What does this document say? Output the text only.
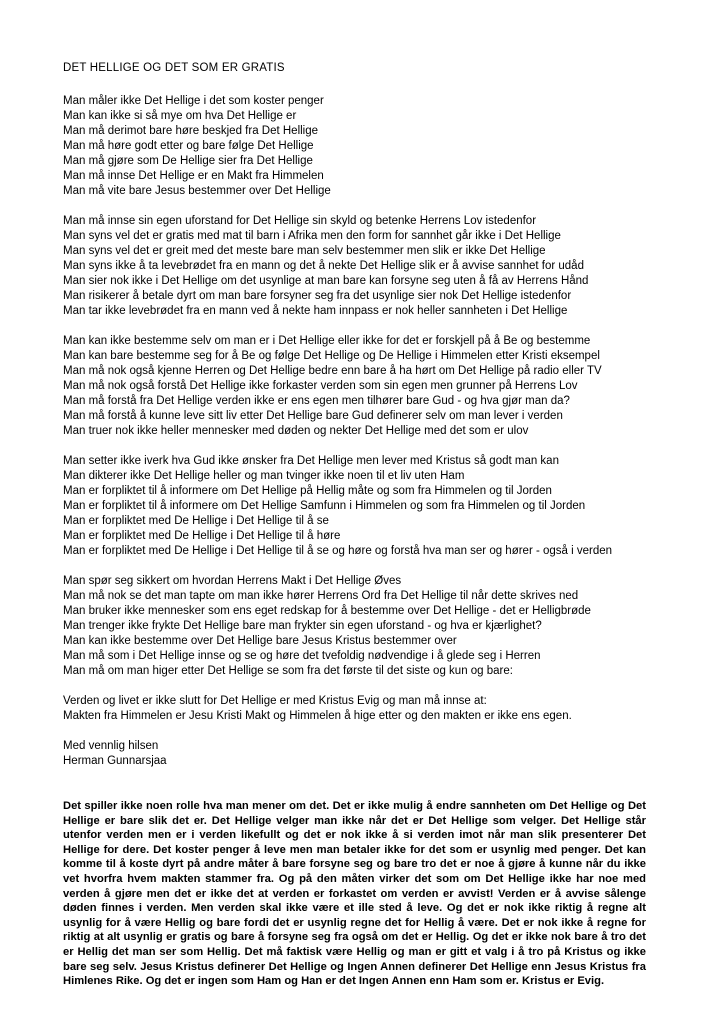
DET HELLIGE OG DET SOM ER GRATIS
Man måler ikke Det Hellige i det som koster penger
Man kan ikke si så mye om hva Det Hellige er
Man må derimot bare høre beskjed fra Det Hellige
Man må høre godt etter og bare følge Det Hellige
Man må gjøre som De Hellige sier fra Det Hellige
Man må innse Det Hellige er en Makt fra Himmelen
Man må vite bare Jesus bestemmer over Det Hellige
Man må innse sin egen uforstand for Det Hellige sin skyld og betenke Herrens Lov istedenfor
Man syns vel det er gratis med mat til barn i Afrika men den form for sannhet går ikke i Det Hellige
Man syns vel det er greit med det meste bare man selv bestemmer men slik er ikke Det Hellige
Man syns ikke å ta levebrødet fra en mann og det å nekte Det Hellige slik er å avvise sannhet for udåd
Man sier nok ikke i Det Hellige om det usynlige at man bare kan forsyne seg uten å få av Herrens Hånd
Man risikerer å betale dyrt om man bare forsyner seg fra det usynlige sier nok Det Hellige istedenfor
Man tar ikke levebrødet fra en mann ved å nekte ham innpass er nok heller sannheten i Det Hellige
Man kan ikke bestemme selv om man er i Det Hellige eller ikke for det er forskjell på å Be og bestemme
Man kan bare bestemme seg for å Be og følge Det Hellige og De Hellige i Himmelen etter Kristi eksempel
Man må nok også kjenne Herren og Det Hellige bedre enn bare å ha hørt om Det Hellige på radio eller TV
Man må nok også forstå Det Hellige ikke forkaster verden som sin egen men grunner på Herrens Lov
Man må forstå fra Det Hellige verden ikke er ens egen men tilhører bare Gud - og hva gjør man da?
Man må forstå å kunne leve sitt liv etter Det Hellige bare Gud definerer selv om man lever i verden
Man truer nok ikke heller mennesker med døden og nekter Det Hellige med det som er ulov
Man setter ikke iverk hva Gud ikke ønsker fra Det Hellige men lever med Kristus så godt man kan
Man dikterer ikke Det Hellige heller og man tvinger ikke noen til et liv uten Ham
Man er forpliktet til å informere om Det Hellige på Hellig måte og som fra Himmelen og til Jorden
Man er forpliktet til å informere om Det Hellige Samfunn i Himmelen og som fra Himmelen og til Jorden
Man er forpliktet med De Hellige i Det Hellige til å se
Man er forpliktet med De Hellige i Det Hellige til å høre
Man er forpliktet med De Hellige i Det Hellige til å se og høre og forstå hva man ser og hører - også i verden
Man spør seg sikkert om hvordan Herrens Makt i Det Hellige Øves
Man må nok se det man tapte om man ikke hører Herrens Ord fra Det Hellige til når dette skrives ned
Man bruker ikke mennesker som ens eget redskap for å bestemme over Det Hellige - det er Helligbrøde
Man trenger ikke frykte Det Hellige bare man frykter sin egen uforstand - og hva er kjærlighet?
Man kan ikke bestemme over Det Hellige bare Jesus Kristus bestemmer over
Man må som i Det Hellige innse og se og høre det tvefoldig nødvendige i å glede seg i Herren
Man må om man higer etter Det Hellige se som fra det første til det siste og kun og bare:
Verden og livet er ikke slutt for Det Hellige er med Kristus Evig og man må innse at:
Makten fra Himmelen er Jesu Kristi Makt og Himmelen å hige etter og den makten er ikke ens egen.
Med vennlig hilsen
Herman Gunnarsjaa
Det spiller ikke noen rolle hva man mener om det. Det er ikke mulig å endre sannheten om Det Hellige og Det Hellige er bare slik det er. Det Hellige velger man ikke når det er Det Hellige som velger. Det Hellige står utenfor verden men er i verden likefullt og det er nok ikke å si verden imot når man slik presenterer Det Hellige for dere. Det koster penger å leve men man betaler ikke for det som er usynlig med penger. Det kan komme til å koste dyrt på andre måter å bare forsyne seg og bare tro det er noe å gjøre å kunne når du ikke vet hvorfra hvem makten stammer fra. Og på den måten virker det som om Det Hellige ikke har noe med verden å gjøre men det er ikke det at verden er forkastet om verden er avvist! Verden er å avvise sålenge døden finnes i verden. Men verden skal ikke være et ille sted å leve. Og det er nok ikke riktig å regne alt usynlig for å være Hellig og bare fordi det er usynlig regne det for Hellig å være. Det er nok ikke å regne for riktig at alt usynlig er gratis og bare å forsyne seg fra også om det er Hellig. Og det er ikke nok bare å tro det er Hellig det man ser som Hellig. Det må faktisk være Hellig og man er gitt et valg i å tro på Kristus og ikke bare seg selv. Jesus Kristus definerer Det Hellige og Ingen Annen definerer Det Hellige enn Jesus Kristus fra Himlenes Rike. Og det er ingen som Ham og Han er det Ingen Annen enn Ham som er. Kristus er Evig.
